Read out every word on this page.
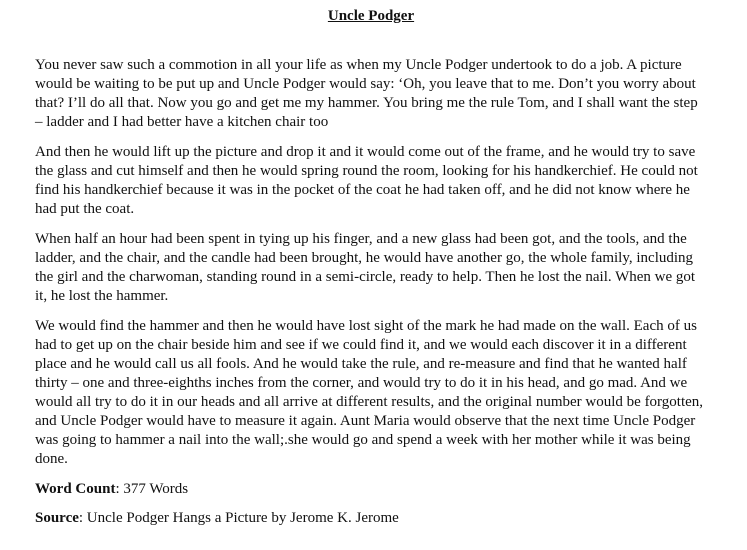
Uncle Podger

You never saw such a commotion in all your life as when my Uncle Podger undertook to do a job. A picture would be waiting to be put up and Uncle Podger would say: ‘Oh, you leave that to me. Don’t you worry about that? I’ll do all that. Now you go and get me my hammer. You bring me the rule Tom, and I shall want the step – ladder and I had better have a kitchen chair too

And then he would lift up the picture and drop it and it would come out of the frame, and he would try to save the glass and cut himself and then he would spring round the room, looking for his handkerchief. He could not find his handkerchief because it was in the pocket of the coat he had taken off, and he did not know where he had put the coat.

When half an hour had been spent in tying up his finger, and a new glass had been got, and the tools, and the ladder, and the chair, and the candle had been brought, he would have another go, the whole family, including the girl and the charwoman, standing round in a semi-circle, ready to help. Then he lost the nail. When we got it, he lost the hammer.

We would find the hammer and then he would have lost sight of the mark he had made on the wall. Each of us had to get up on the chair beside him and see if we could find it, and we would each discover it in a different place and he would call us all fools. And he would take the rule, and re-measure and find that he wanted half thirty – one and three-eighths inches from the corner, and would try to do it in his head, and go mad. And we would all try to do it in our heads and all arrive at different results, and the original number would be forgotten, and Uncle Podger would have to measure it again. Aunt Maria would observe that the next time Uncle Podger was going to hammer a nail into the wall;.she would go and spend a week with her mother while it was being done.

Word Count: 377 Words
Source: Uncle Podger Hangs a Picture by Jerome K. Jerome
